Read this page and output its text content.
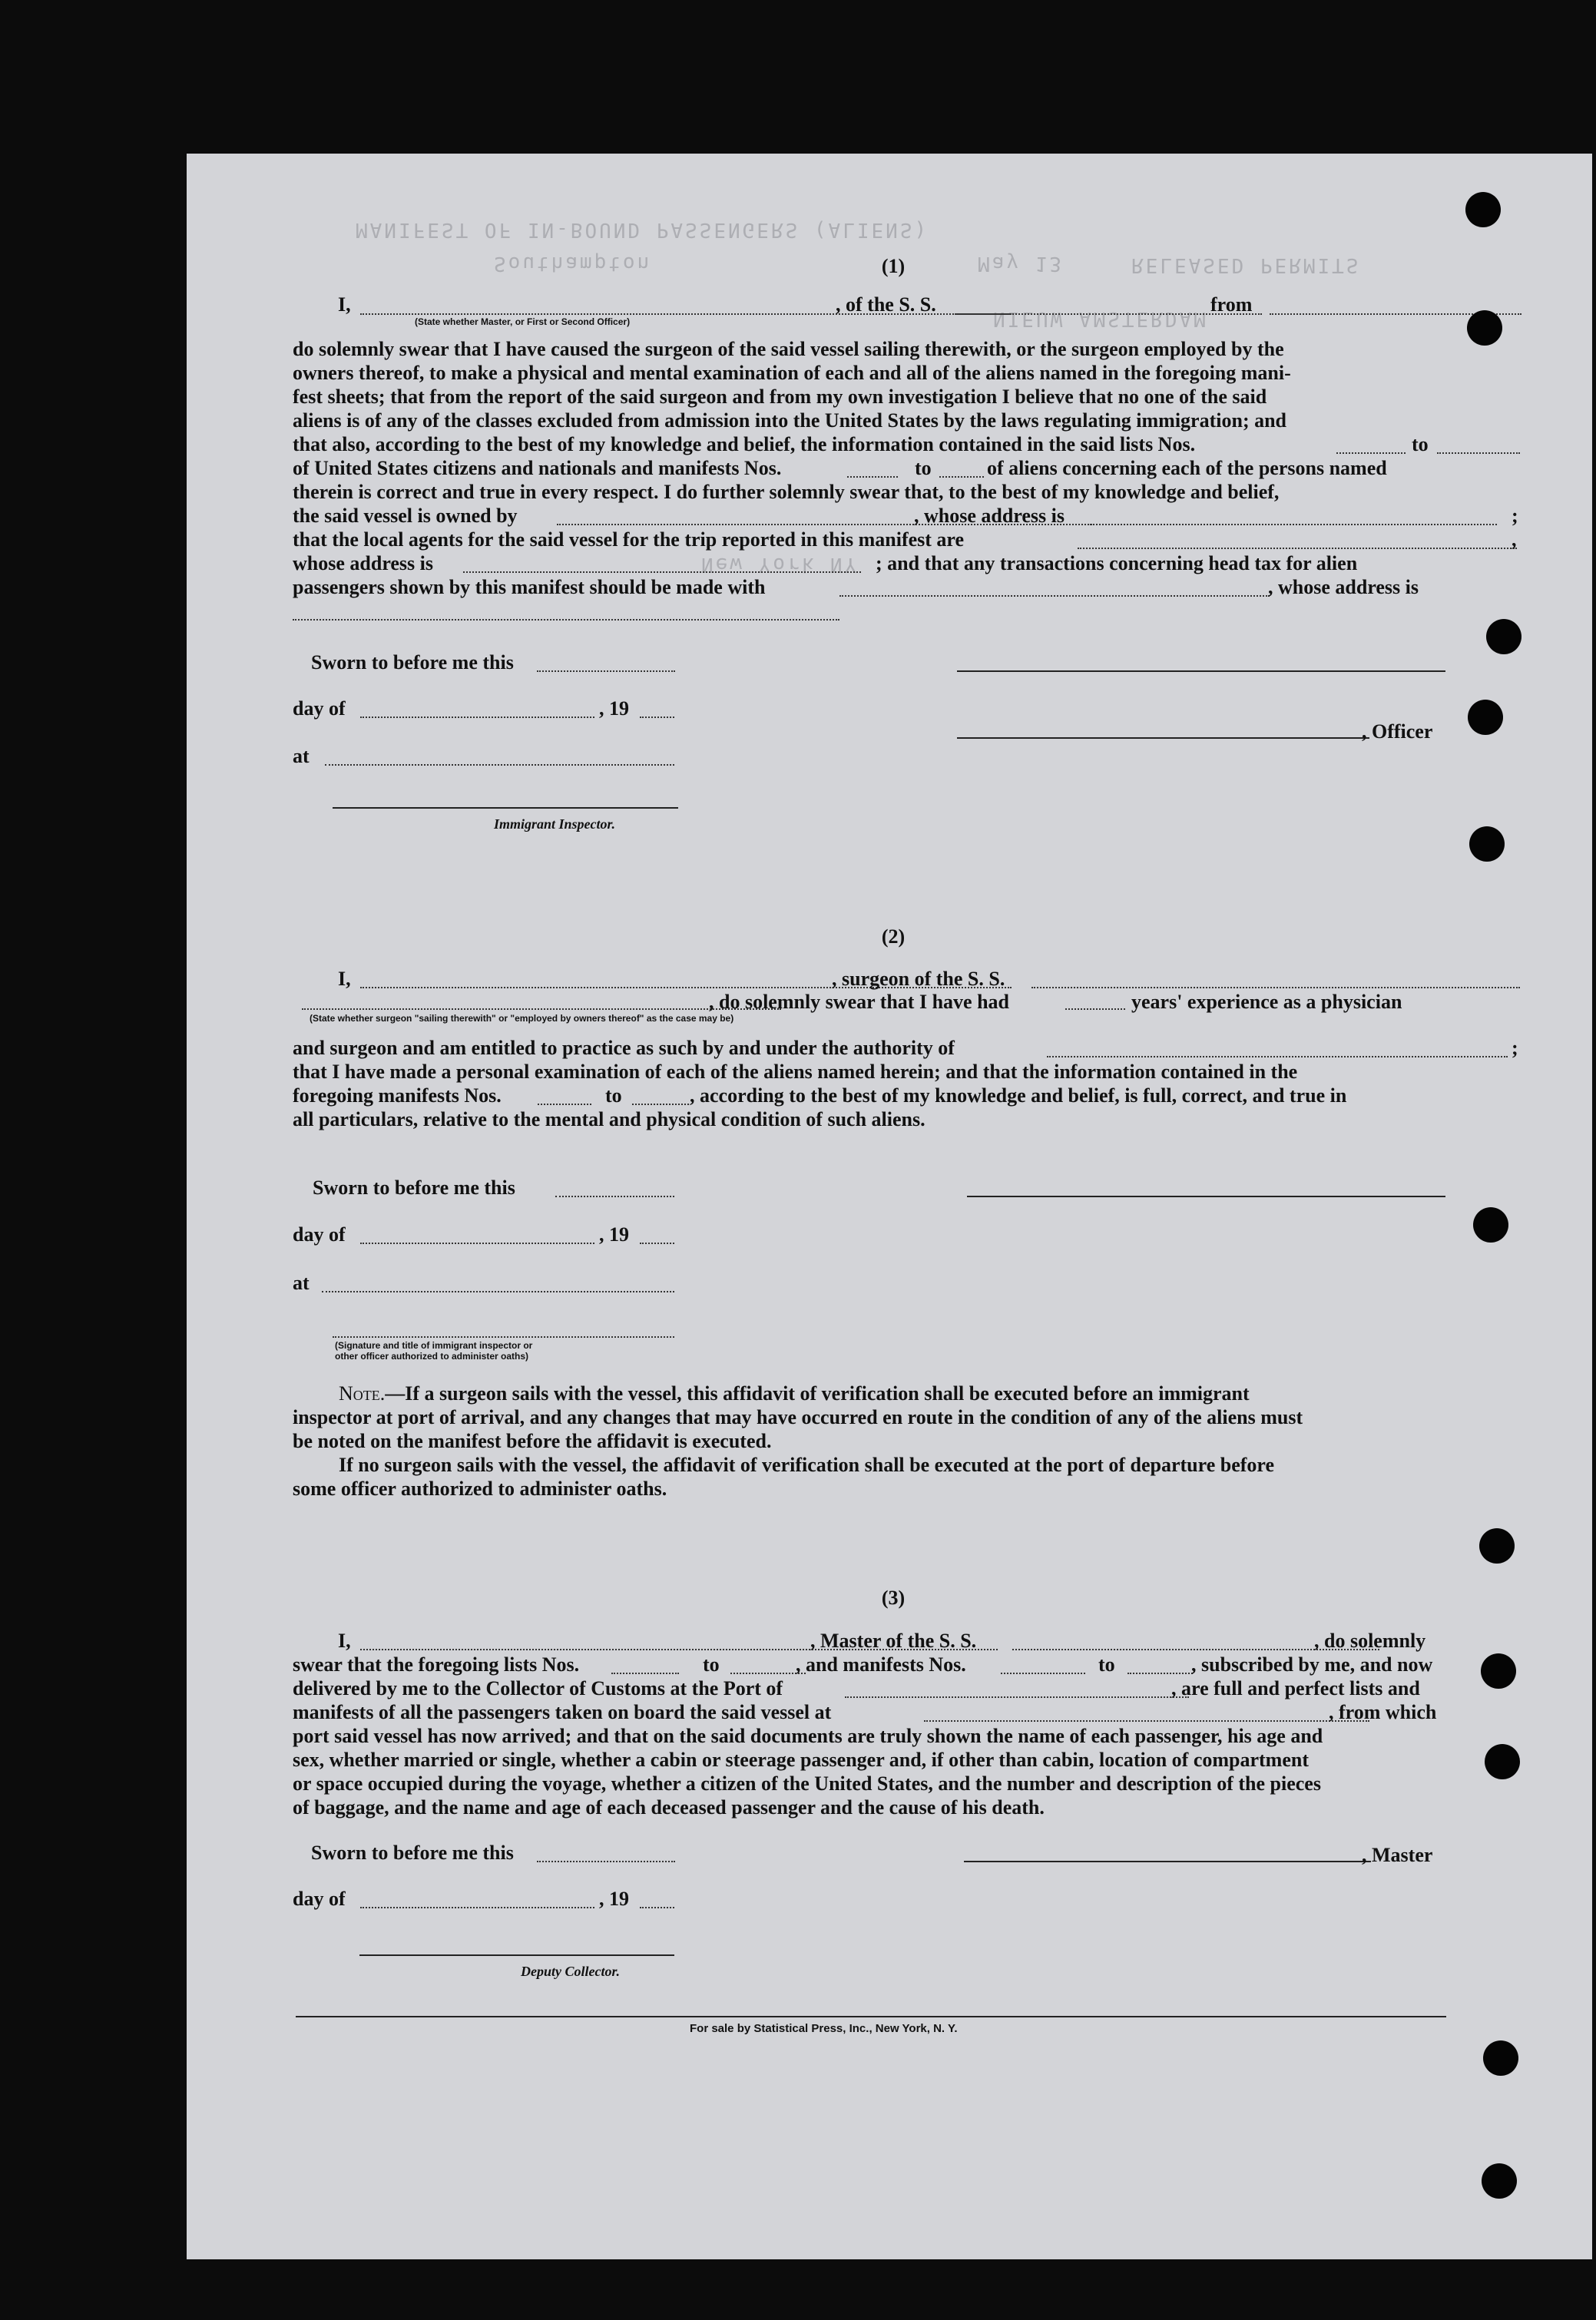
MANIFEST OF IN-BOUND PASSENGERS (ALIENS)
RELEASED PERMITS
Southampton	May 13
NIEUW AMSTERDAM
New York NY
(1)
I,	, of the S. S.	from
(State whether Master, or First or Second Officer)
do solemnly swear that I have caused the surgeon of the said vessel sailing therewith, or the surgeon employed by the
owners thereof, to make a physical and mental examination of each and all of the aliens named in the foregoing mani-
fest sheets; that from the report of the said surgeon and from my own investigation I believe that no one of the said
aliens is of any of the classes excluded from admission into the United States by the laws regulating immigration; and
that also, according to the best of my knowledge and belief, the information contained in the said lists Nos.	to
of United States citizens and nationals and manifests Nos.	to	of aliens concerning each of the persons named
therein is correct and true in every respect. I do further solemnly swear that, to the best of my knowledge and belief,
the said vessel is owned by	, whose address is	;
that the local agents for the said vessel for the trip reported in this manifest are	,
whose address is	; and that any transactions concerning head tax for alien
passengers shown by this manifest should be made with	, whose address is
Sworn to before me this
day of	, 19
, Officer
at
Immigrant Inspector.
(2)
I,	, surgeon of the S. S.
, do solemnly swear that I have had	years' experience as a physician
(State whether surgeon "sailing therewith" or "employed by owners thereof" as the case may be)
and surgeon and am entitled to practice as such by and under the authority of	;
that I have made a personal examination of each of the aliens named herein; and that the information contained in the
foregoing manifests Nos.	to	, according to the best of my knowledge and belief, is full, correct, and true in
all particulars, relative to the mental and physical condition of such aliens.
Sworn to before me this
day of	, 19
at
(Signature and title of immigrant inspector or
other officer authorized to administer oaths)
Note.—If a surgeon sails with the vessel, this affidavit of verification shall be executed before an immigrant
inspector at port of arrival, and any changes that may have occurred en route in the condition of any of the aliens must
be noted on the manifest before the affidavit is executed.
If no surgeon sails with the vessel, the affidavit of verification shall be executed at the port of departure before
some officer authorized to administer oaths.
(3)
I,	, Master of the S. S.	, do solemnly
swear that the foregoing lists Nos.	to	, and manifests Nos.	to	, subscribed by me, and now
delivered by me to the Collector of Customs at the Port of	, are full and perfect lists and
manifests of all the passengers taken on board the said vessel at	, from which
port said vessel has now arrived; and that on the said documents are truly shown the name of each passenger, his age and
sex, whether married or single, whether a cabin or steerage passenger and, if other than cabin, location of compartment
or space occupied during the voyage, whether a citizen of the United States, and the number and description of the pieces
of baggage, and the name and age of each deceased passenger and the cause of his death.
Sworn to before me this	, Master
day of	, 19
Deputy Collector.
For sale by Statistical Press, Inc., New York, N. Y.
